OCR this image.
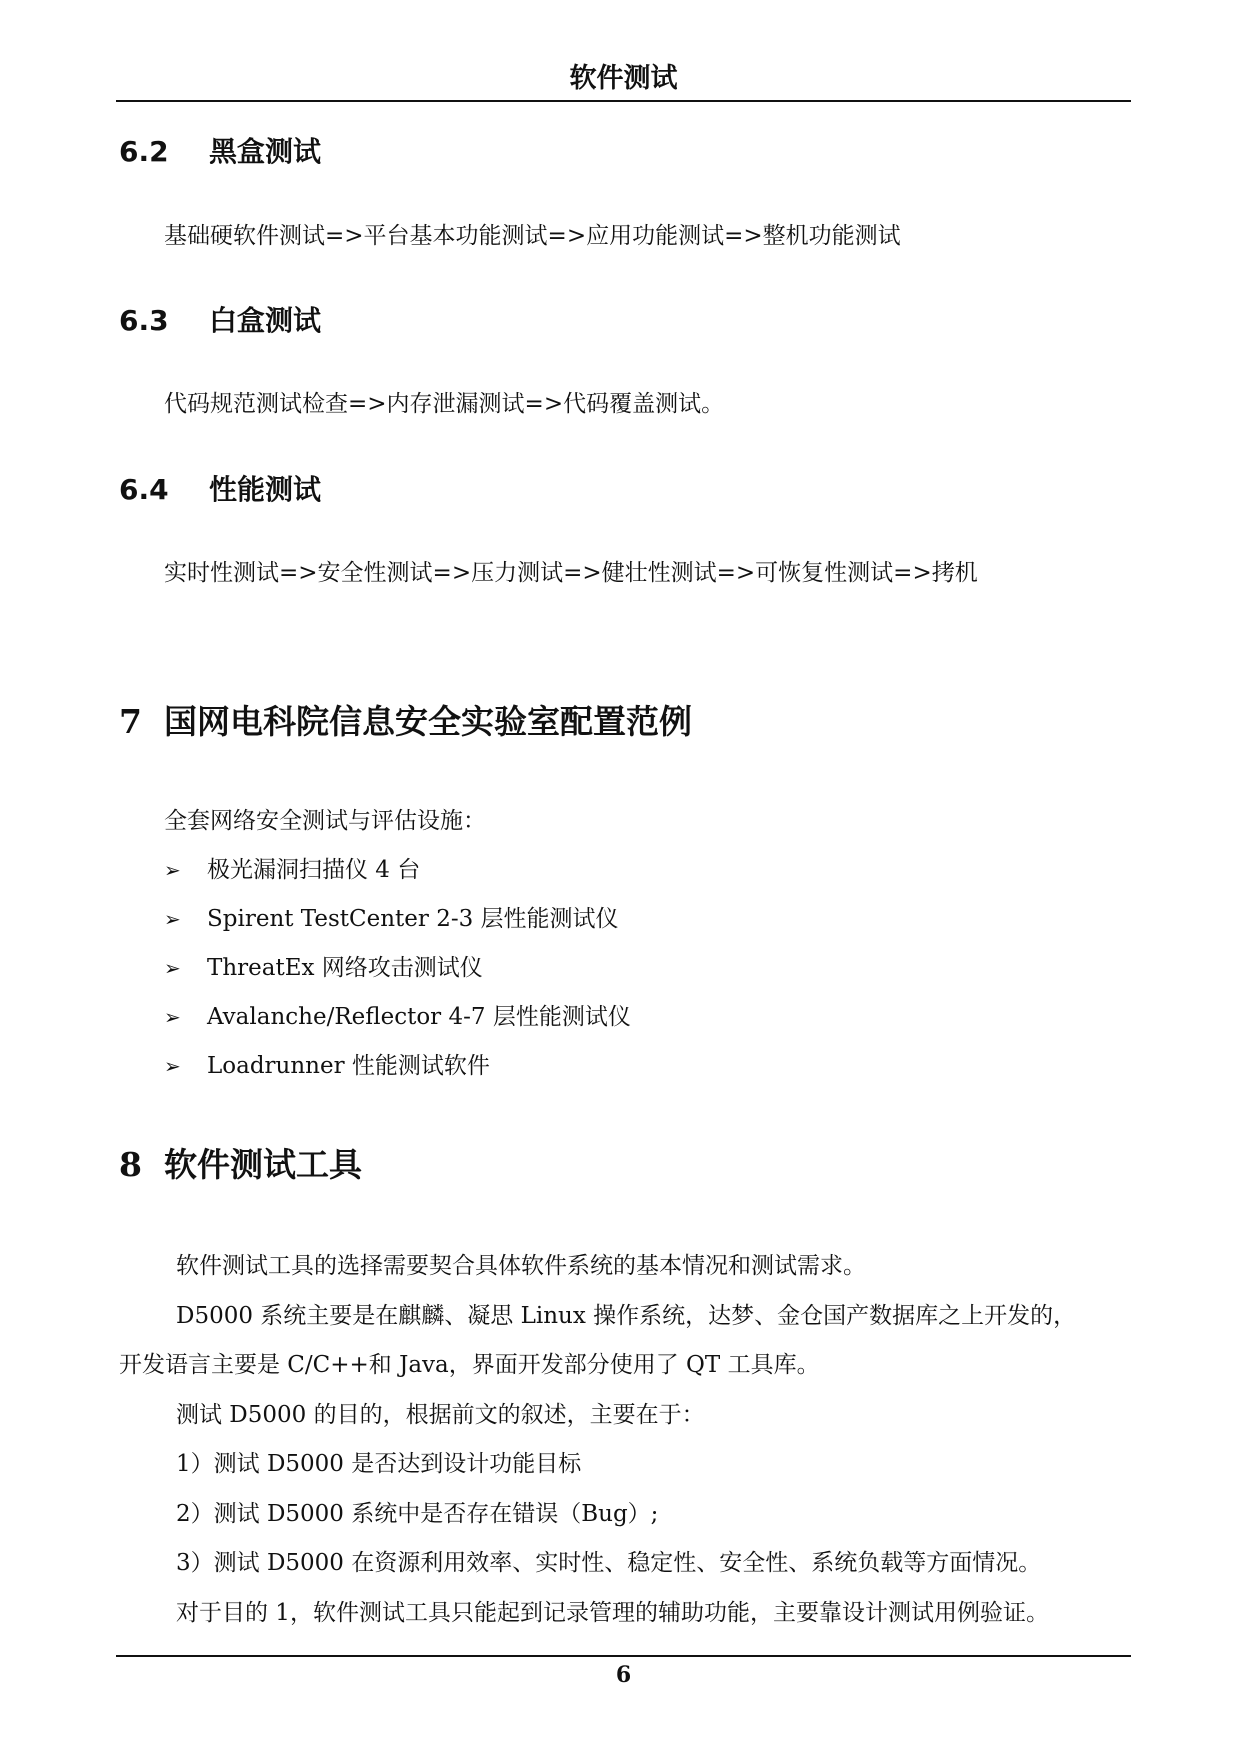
软件测试
6.2 黑盒测试

基础硬软件测试=>平台基本功能测试=>应用功能测试=>整机功能测试

6.3 白盒测试

代码规范测试检查=>内存泄漏测试=>代码覆盖测试。

6.4 性能测试

实时性测试=>安全性测试=>压力测试=>健壮性测试=>可恢复性测试=>拷机

7 国网电科院信息安全实验室配置范例

全套网络安全测试与评估设施：

➢ 极光漏洞扫描仪 4 台
➢ Spirent TestCenter 2-3 层性能测试仪
➢ ThreatEx 网络攻击测试仪
➢ Avalanche/Reflector 4-7 层性能测试仪
➢ Loadrunner 性能测试软件
8 软件测试工具

软件测试工具的选择需要契合具体软件系统的基本情况和测试需求。

D5000 系统主要是在麒麟、凝思 Linux 操作系统，达梦、金仓国产数据库之上开发的，

开发语言主要是 C/C++和 Java，界面开发部分使用了 QT 工具库。

测试 D5000 的目的，根据前文的叙述，主要在于：

1）测试 D5000 是否达到设计功能目标

2）测试 D5000 系统中是否存在错误（Bug）;

3）测试 D5000 在资源利用效率、实时性、稳定性、安全性、系统负载等方面情况。

对于目的 1，软件测试工具只能起到记录管理的辅助功能，主要靠设计测试用例验证。

6
